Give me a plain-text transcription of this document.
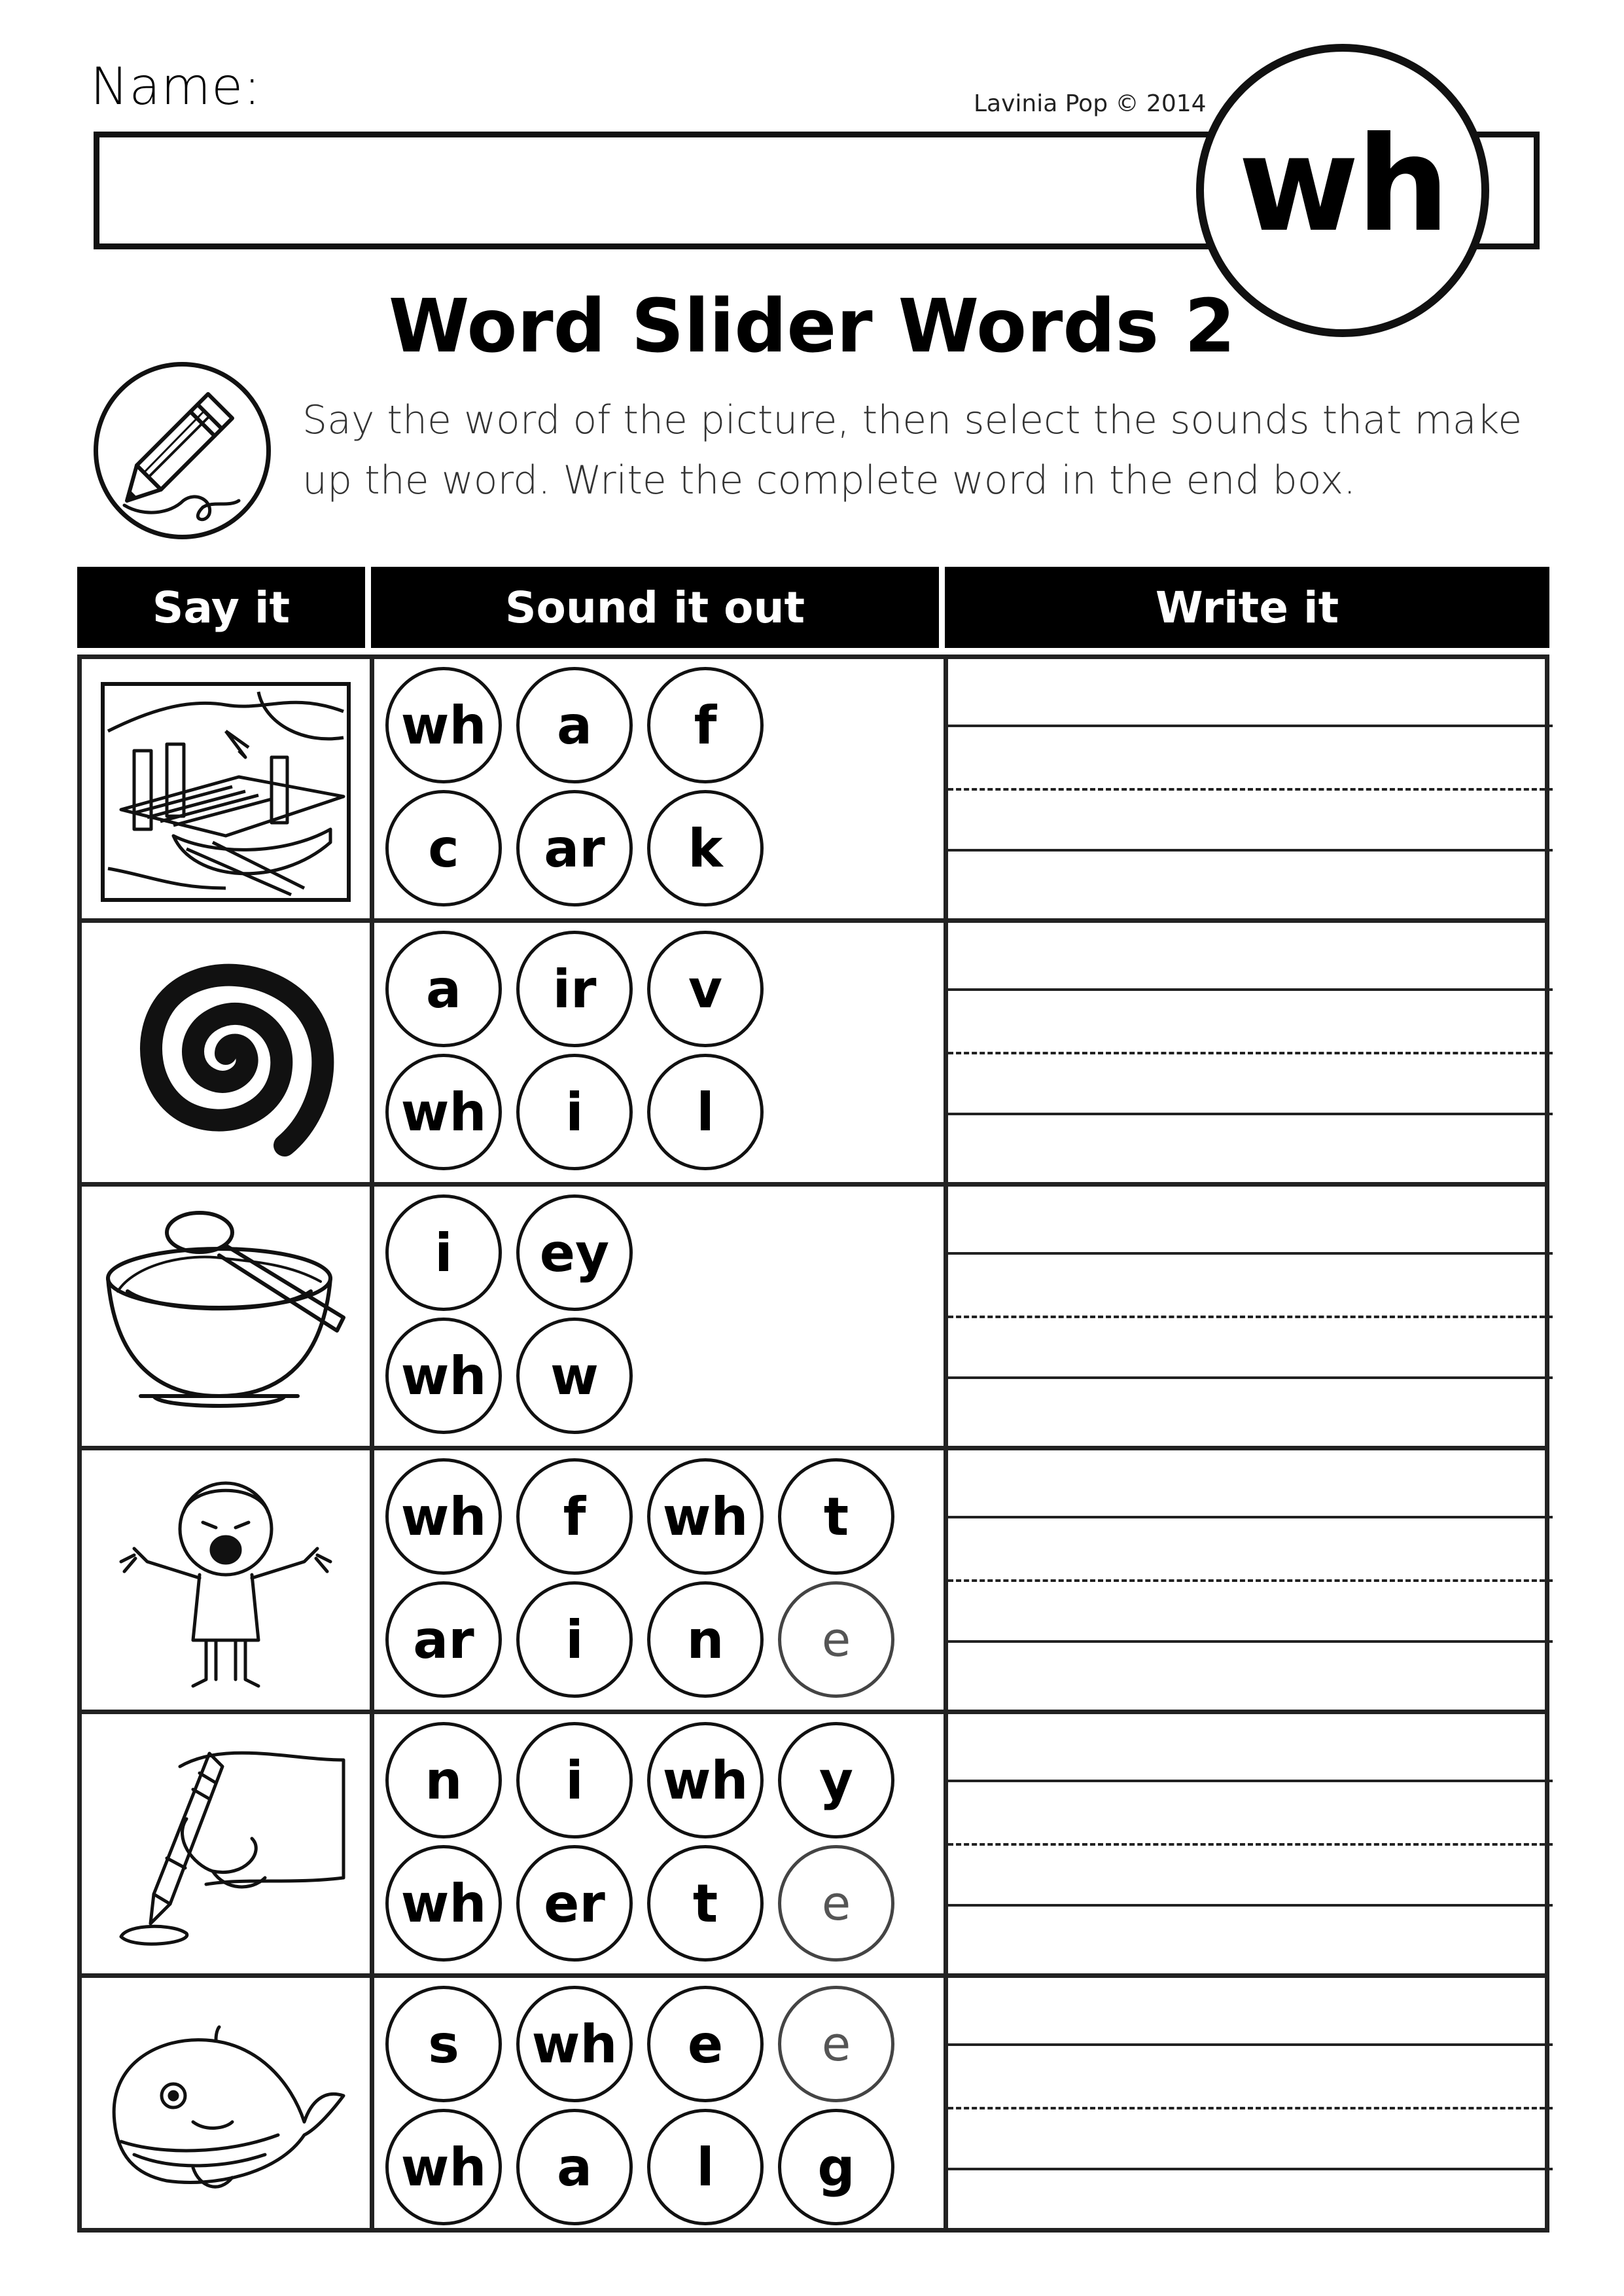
Name:	Lavinia Pop © 2014
wh
Word Slider Words 2
Say the word of the picture, then select the sounds that make up the word. Write the complete word in the end box.
Say it	Sound it out	Write it
wh	a	f
c	ar	k
a	ir	v
wh	i	l
i	ey
wh	w
wh	f	wh	t
ar	i	n	e
n	i	wh	y
wh	er	t	e
s	wh	e	e
wh	a	l	g
